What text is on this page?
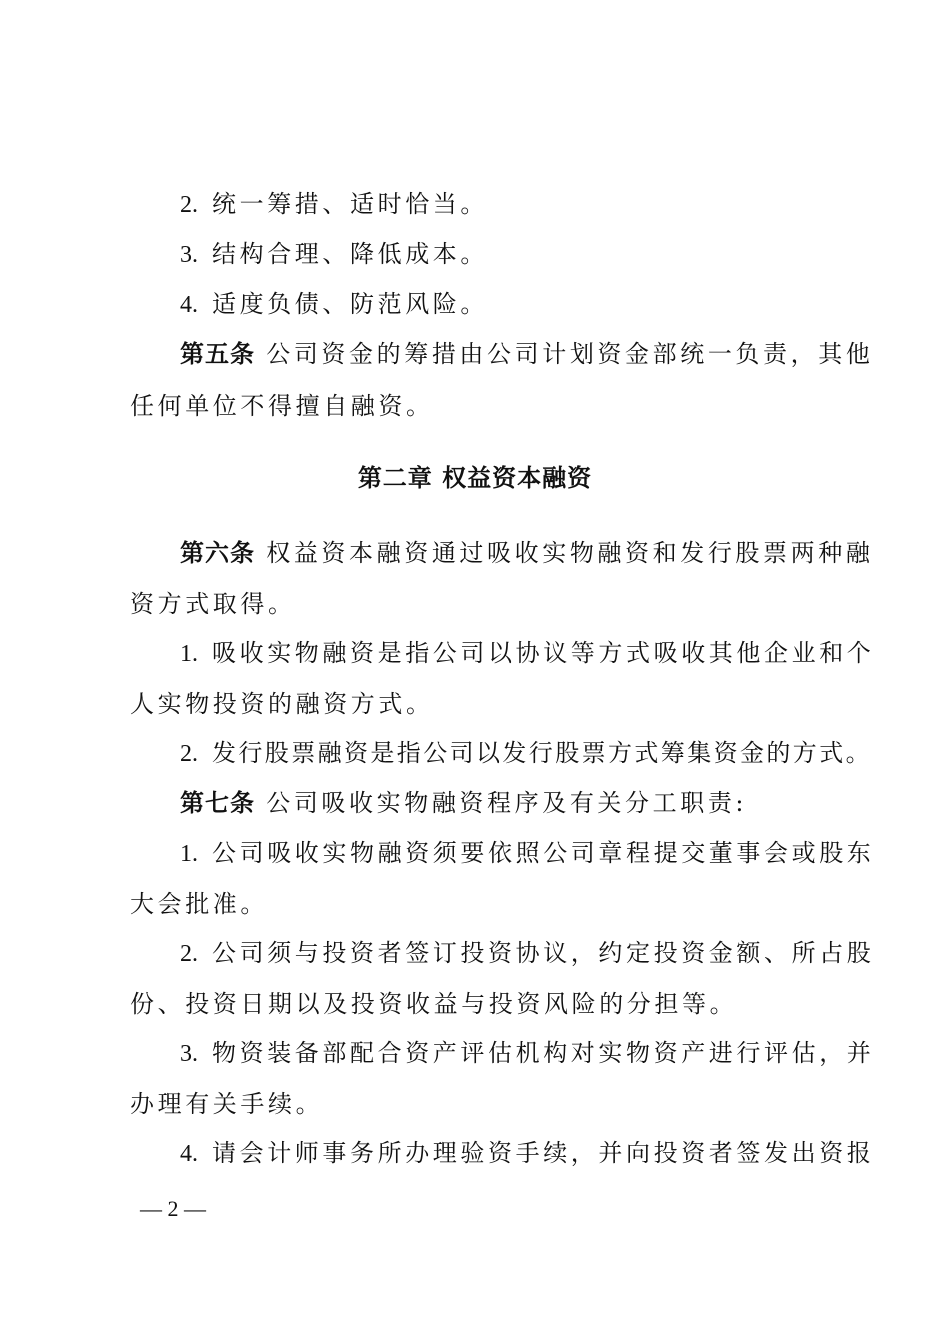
2. 统一筹措、适时恰当。
3. 结构合理、降低成本。
4. 适度负债、防范风险。
第五条 公司资金的筹措由公司计划资金部统一负责，其他
任何单位不得擅自融资。
第二章 权益资本融资
第六条 权益资本融资通过吸收实物融资和发行股票两种融
资方式取得。
1. 吸收实物融资是指公司以协议等方式吸收其他企业和个
人实物投资的融资方式。
2. 发行股票融资是指公司以发行股票方式筹集资金的方式。
第七条 公司吸收实物融资程序及有关分工职责:
1. 公司吸收实物融资须要依照公司章程提交董事会或股东
大会批准。
2. 公司须与投资者签订投资协议，约定投资金额、所占股
份、投资日期以及投资收益与投资风险的分担等。
3. 物资装备部配合资产评估机构对实物资产进行评估，并
办理有关手续。
4. 请会计师事务所办理验资手续，并向投资者签发出资报
— 2 —
